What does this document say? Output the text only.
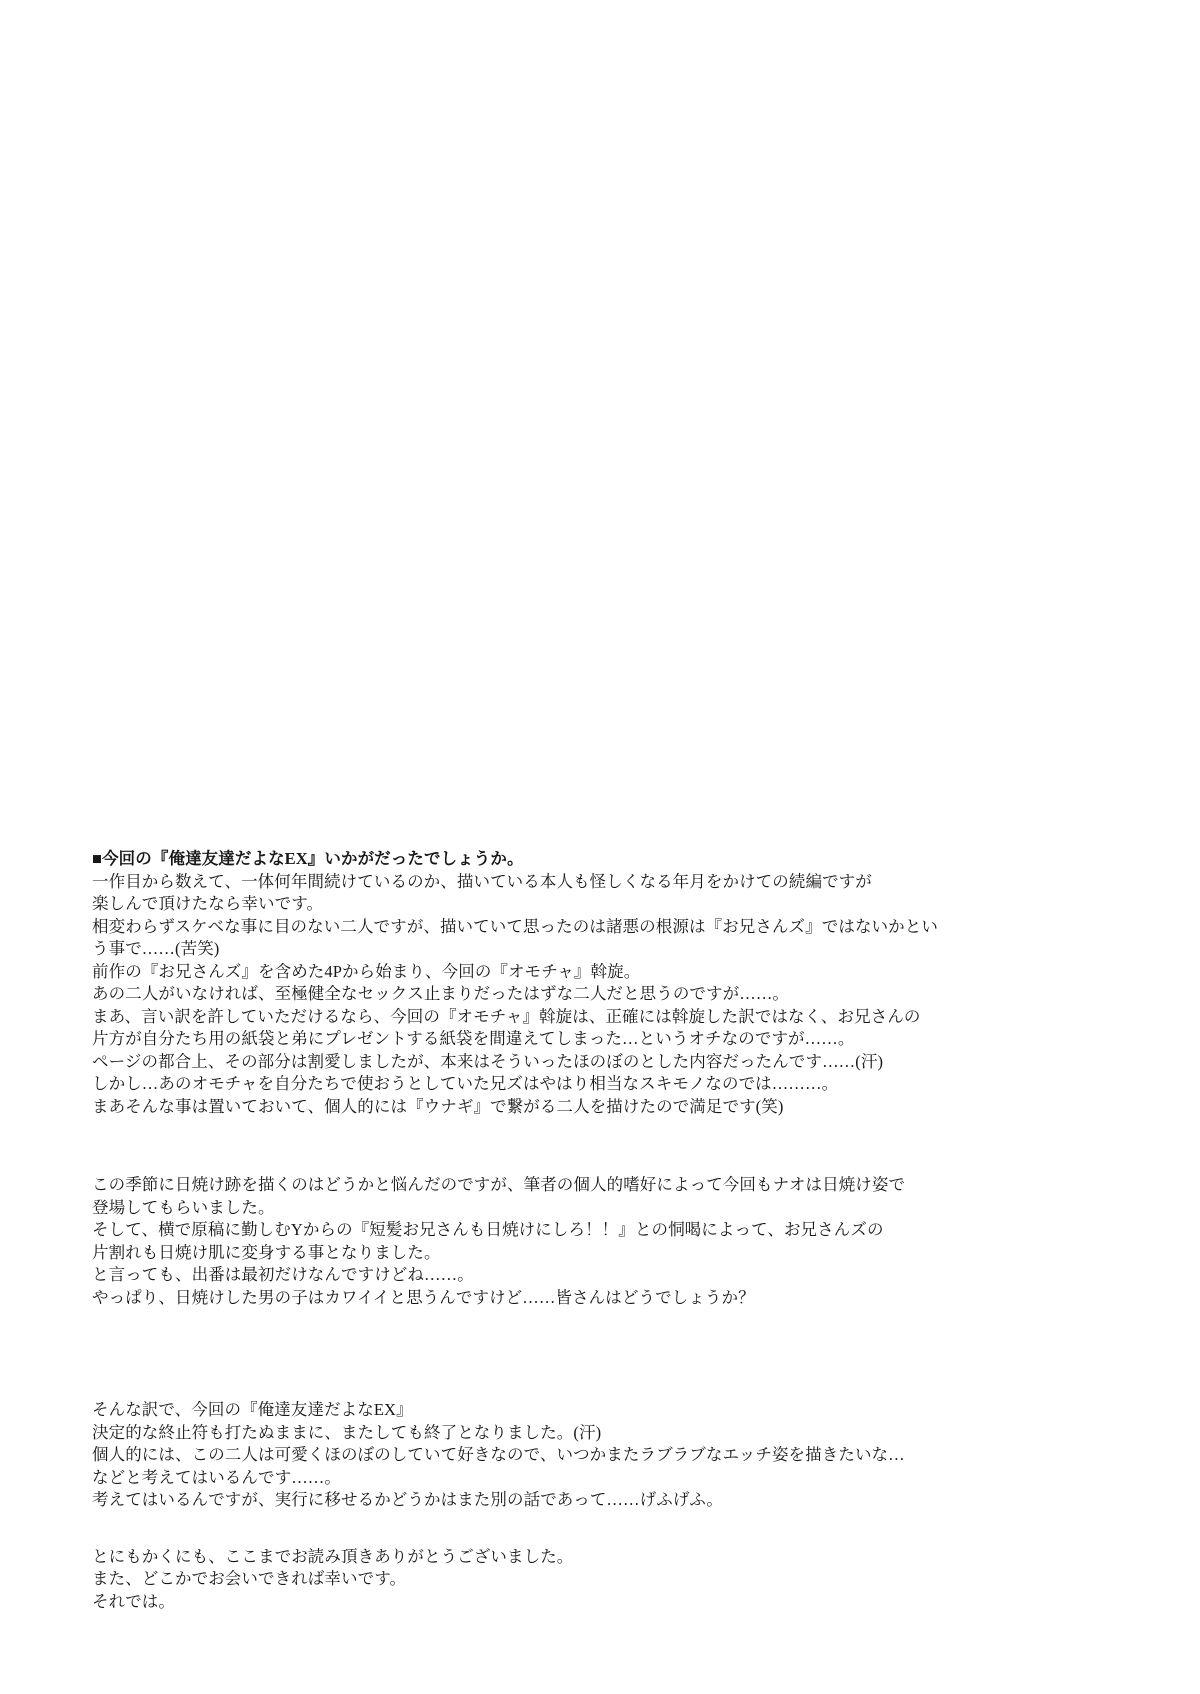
■今回の『俺達友達だよなEX』いかがだったでしょうか。
一作目から数えて、一体何年間続けているのか、描いている本人も怪しくなる年月をかけての続編ですが
楽しんで頂けたなら幸いです。
相変わらずスケベな事に目のない二人ですが、描いていて思ったのは諸悪の根源は『お兄さんズ』ではないかとい
う事で……(苦笑)
前作の『お兄さんズ』を含めた4Pから始まり、今回の『オモチャ』斡旋。
あの二人がいなければ、至極健全なセックス止まりだったはずな二人だと思うのですが……。
まあ、言い訳を許していただけるなら、今回の『オモチャ』斡旋は、正確には斡旋した訳ではなく、お兄さんの
片方が自分たち用の紙袋と弟にプレゼントする紙袋を間違えてしまった…というオチなのですが……。
ページの都合上、その部分は割愛しましたが、本来はそういったほのぼのとした内容だったんです……(汗)
しかし…あのオモチャを自分たちで使おうとしていた兄ズはやはり相当なスキモノなのでは………。
まあそんな事は置いておいて、個人的には『ウナギ』で繋がる二人を描けたので満足です(笑)
この季節に日焼け跡を描くのはどうかと悩んだのですが、筆者の個人的嗜好によって今回もナオは日焼け姿で
登場してもらいました。
そして、横で原稿に勤しむYからの『短髪お兄さんも日焼けにしろ！！』との恫喝によって、お兄さんズの
片割れも日焼け肌に変身する事となりました。
と言っても、出番は最初だけなんですけどね……。
やっぱり、日焼けした男の子はカワイイと思うんですけど……皆さんはどうでしょうか？
そんな訳で、今回の『俺達友達だよなEX』
決定的な終止符も打たぬままに、またしても終了となりました。(汗)
個人的には、この二人は可愛くほのぼのしていて好きなので、いつかまたラブラブなエッチ姿を描きたいな…
などと考えてはいるんです……。
考えてはいるんですが、実行に移せるかどうかはまた別の話であって……げふげふ。
とにもかくにも、ここまでお読み頂きありがとうございました。
また、どこかでお会いできれば幸いです。
それでは。
